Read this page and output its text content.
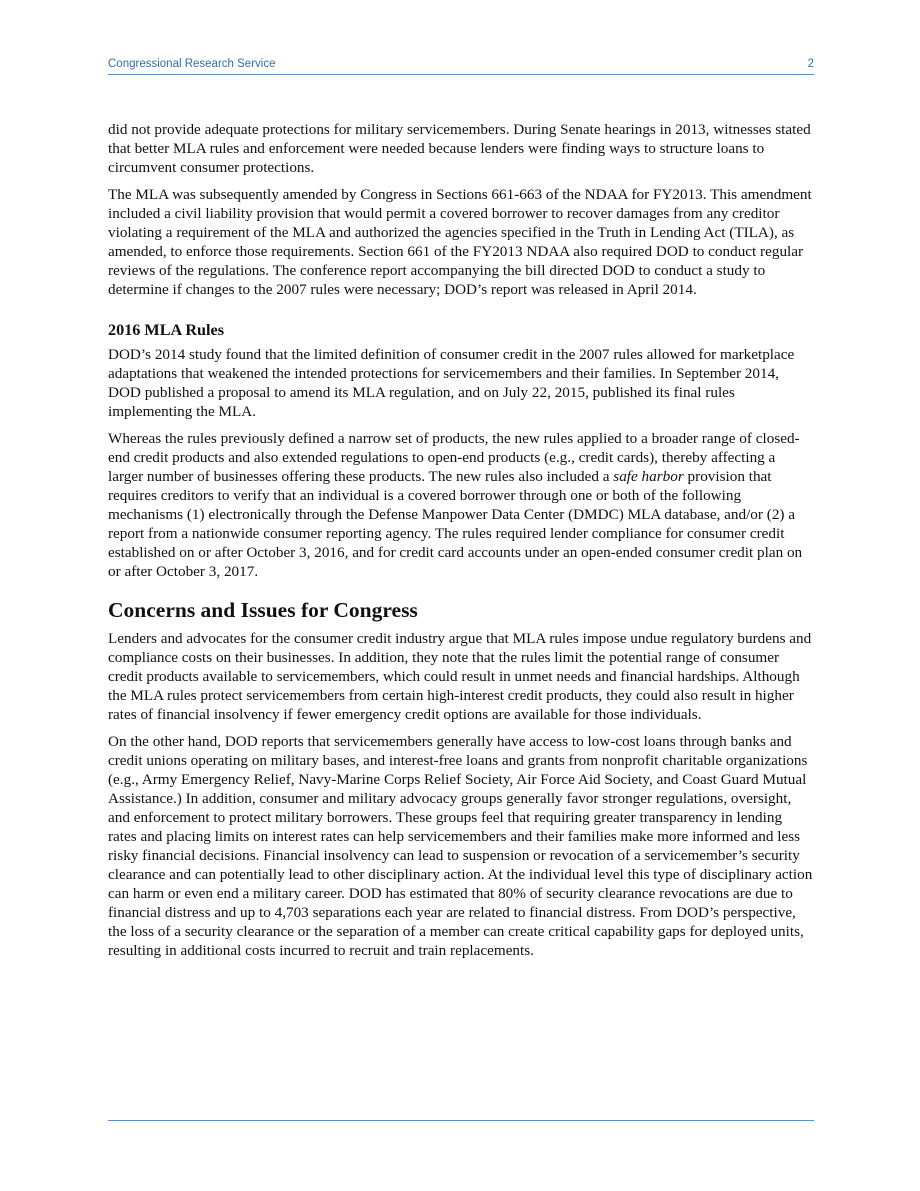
Congressional Research Service	2

did not provide adequate protections for military servicemembers. During Senate hearings in 2013, witnesses stated that better MLA rules and enforcement were needed because lenders were finding ways to structure loans to circumvent consumer protections.

The MLA was subsequently amended by Congress in Sections 661-663 of the NDAA for FY2013. This amendment included a civil liability provision that would permit a covered borrower to recover damages from any creditor violating a requirement of the MLA and authorized the agencies specified in the Truth in Lending Act (TILA), as amended, to enforce those requirements. Section 661 of the FY2013 NDAA also required DOD to conduct regular reviews of the regulations. The conference report accompanying the bill directed DOD to conduct a study to determine if changes to the 2007 rules were necessary; DOD’s report was released in April 2014.

2016 MLA Rules

DOD’s 2014 study found that the limited definition of consumer credit in the 2007 rules allowed for marketplace adaptations that weakened the intended protections for servicemembers and their families. In September 2014, DOD published a proposal to amend its MLA regulation, and on July 22, 2015, published its final rules implementing the MLA.

Whereas the rules previously defined a narrow set of products, the new rules applied to a broader range of closed-end credit products and also extended regulations to open-end products (e.g., credit cards), thereby affecting a larger number of businesses offering these products. The new rules also included a safe harbor provision that requires creditors to verify that an individual is a covered borrower through one or both of the following mechanisms (1) electronically through the Defense Manpower Data Center (DMDC) MLA database, and/or (2) a report from a nationwide consumer reporting agency. The rules required lender compliance for consumer credit established on or after October 3, 2016, and for credit card accounts under an open-ended consumer credit plan on or after October 3, 2017.

Concerns and Issues for Congress

Lenders and advocates for the consumer credit industry argue that MLA rules impose undue regulatory burdens and compliance costs on their businesses. In addition, they note that the rules limit the potential range of consumer credit products available to servicemembers, which could result in unmet needs and financial hardships. Although the MLA rules protect servicemembers from certain high-interest credit products, they could also result in higher rates of financial insolvency if fewer emergency credit options are available for those individuals.

On the other hand, DOD reports that servicemembers generally have access to low-cost loans through banks and credit unions operating on military bases, and interest-free loans and grants from nonprofit charitable organizations (e.g., Army Emergency Relief, Navy-Marine Corps Relief Society, Air Force Aid Society, and Coast Guard Mutual Assistance.) In addition, consumer and military advocacy groups generally favor stronger regulations, oversight, and enforcement to protect military borrowers. These groups feel that requiring greater transparency in lending rates and placing limits on interest rates can help servicemembers and their families make more informed and less risky financial decisions. Financial insolvency can lead to suspension or revocation of a servicemember’s security clearance and can potentially lead to other disciplinary action. At the individual level this type of disciplinary action can harm or even end a military career. DOD has estimated that 80% of security clearance revocations are due to financial distress and up to 4,703 separations each year are related to financial distress. From DOD’s perspective, the loss of a security clearance or the separation of a member can create critical capability gaps for deployed units, resulting in additional costs incurred to recruit and train replacements.
